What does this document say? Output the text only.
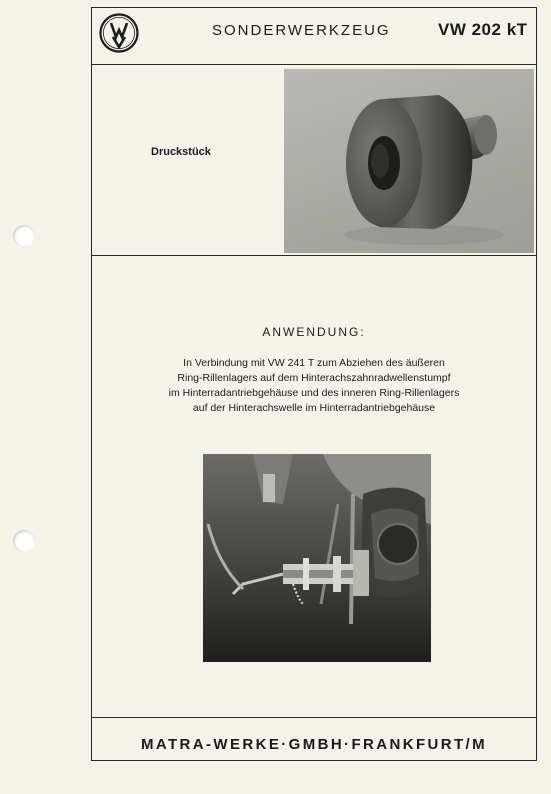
SONDERWERKZEUG	VW 202 kT
Druckstück
ANWENDUNG:
In Verbindung mit VW 241 T zum Abziehen des äußeren
Ring-Rillenlagers auf dem Hinterachszahnradwellenstumpf
im Hinterradantriebgehäuse und des inneren Ring-Rillenlagers
auf der Hinterachswelle im Hinterradantriebgehäuse
MATRA-WERKE·GMBH·FRANKFURT/M
